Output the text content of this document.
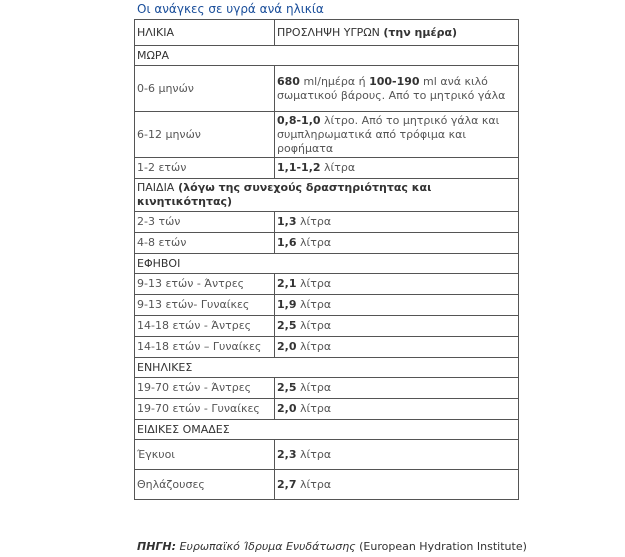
Οι ανάγκες σε υγρά ανά ηλικία
ΗΛΙΚΙΑ	ΠΡΟΣΛΗΨΗ ΥΓΡΩΝ (την ημέρα)
ΜΩΡΑ	
0-6 μηνών	680 ml/ημέρα ή 100-190 ml ανά κιλό σωματικού βάρους. Από το μητρικό γάλα
6-12 μηνών	0,8-1,0 λίτρο. Από το μητρικό γάλα και συμπληρωματικά από τρόφιμα και ροφήματα
1-2 ετών	1,1-1,2 λίτρα
ΠΑΙΔΙΑ (λόγω της συνεχούς δραστηριότητας και κινητικότητας)	
2-3 τών	1,3 λίτρα
4-8 ετών	1,6 λίτρα
ΕΦΗΒΟΙ	
9-13 ετών - Άντρες	2,1 λίτρα
9-13 ετών- Γυναίκες	1,9 λίτρα
14-18 ετών - Άντρες	2,5 λίτρα
14-18 ετών – Γυναίκες	2,0 λίτρα
ΕΝΗΛΙΚΕΣ	
19-70 ετών - Άντρες	2,5 λίτρα
19-70 ετών - Γυναίκες	2,0 λίτρα
ΕΙΔΙΚΕΣ ΟΜΑΔΕΣ	
Έγκυοι	2,3 λίτρα
Θηλάζουσες	2,7 λίτρα
ΠΗΓΗ: Ευρωπαϊκό Ίδρυμα Ενυδάτωσης (European Hydration Institute)
